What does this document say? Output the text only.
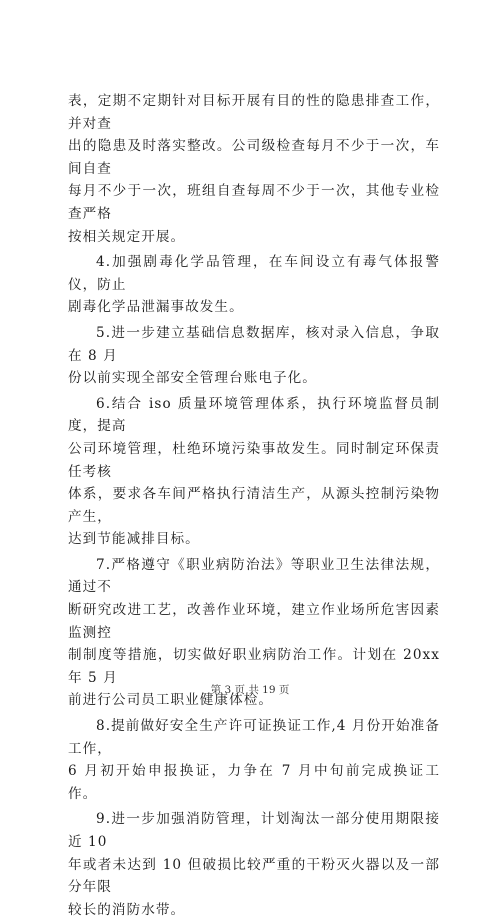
表，定期不定期针对目标开展有目的性的隐患排查工作，并对查
出的隐患及时落实整改。公司级检查每月不少于一次，车间自查
每月不少于一次，班组自查每周不少于一次，其他专业检查严格
按相关规定开展。
4.加强剧毒化学品管理，在车间设立有毒气体报警仪，防止
剧毒化学品泄漏事故发生。
5.进一步建立基础信息数据库，核对录入信息，争取在 8 月
份以前实现全部安全管理台账电子化。
6.结合 iso 质量环境管理体系，执行环境监督员制度，提高
公司环境管理，杜绝环境污染事故发生。同时制定环保责任考核
体系，要求各车间严格执行清洁生产，从源头控制污染物产生，
达到节能减排目标。
7.严格遵守《职业病防治法》等职业卫生法律法规，通过不
断研究改进工艺，改善作业环境，建立作业场所危害因素监测控
制制度等措施，切实做好职业病防治工作。计划在 20xx 年 5 月
前进行公司员工职业健康体检。
8.提前做好安全生产许可证换证工作,4 月份开始准备工作，
6 月初开始申报换证，力争在 7 月中旬前完成换证工作。
9.进一步加强消防管理，计划淘汰一部分使用期限接近 10
年或者未达到 10 但破损比较严重的干粉灭火器以及一部分年限
较长的消防水带。
第 3 页 共 19 页
